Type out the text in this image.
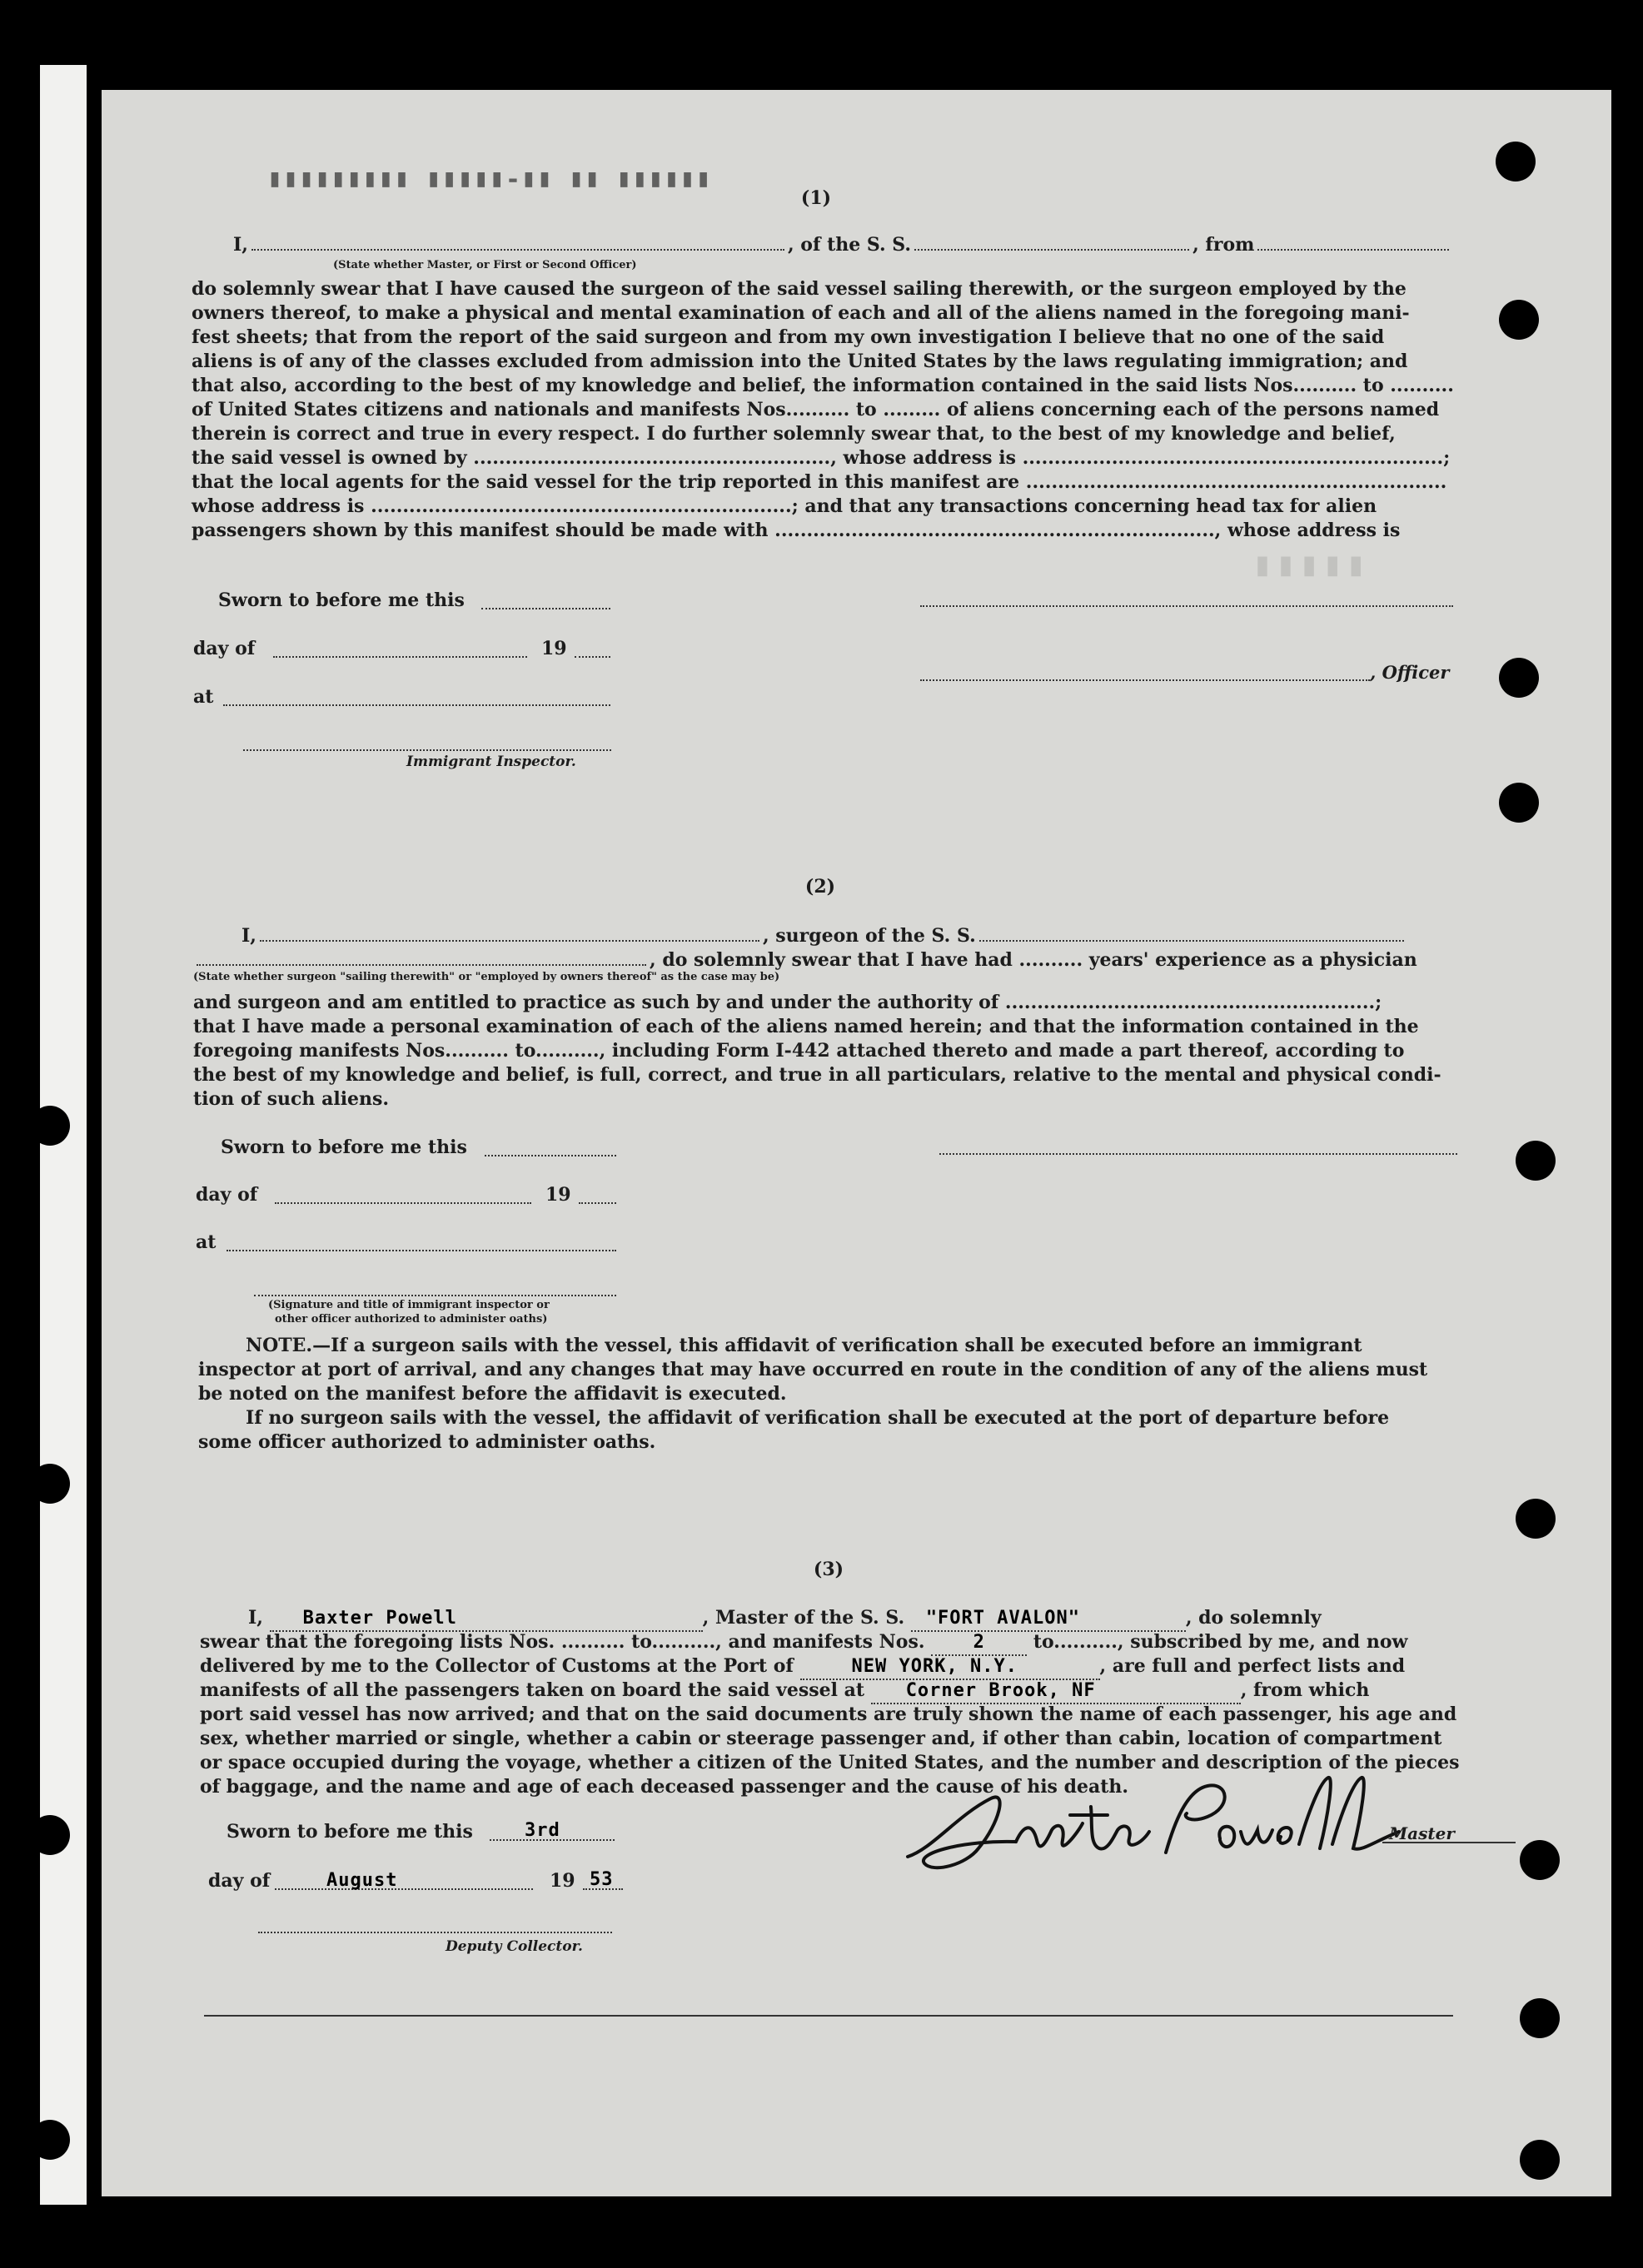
▮▮▮▮▮▮ ▮▮ ▮▮-▮▮▮▮▮ ▮▮▮▮▮▮▮▮▮
▮▮▮▮▮
(1)
I,	, of the S. S.	, from
(State whether Master, or First or Second Officer)
do solemnly swear that I have caused the surgeon of the said vessel sailing therewith, or the surgeon employed by the
owners thereof, to make a physical and mental examination of each and all of the aliens named in the foregoing mani-
fest sheets; that from the report of the said surgeon and from my own investigation I believe that no one of the said
aliens is of any of the classes excluded from admission into the United States by the laws regulating immigration; and
that also, according to the best of my knowledge and belief, the information contained in the said lists Nos.......... to ..........
of United States citizens and nationals and manifests Nos.......... to ......... of aliens concerning each of the persons named
therein is correct and true in every respect. I do further solemnly swear that, to the best of my knowledge and belief,
the said vessel is owned by ........................................................, whose address is ..................................................................;
that the local agents for the said vessel for the trip reported in this manifest are ..................................................................
whose address is ..................................................................; and that any transactions concerning head tax for alien
passengers shown by this manifest should be made with ....................................................................., whose address is
Sworn to before me this
day of	19
at
Immigrant Inspector.
, Officer
(2)
I,	, surgeon of the S. S.
, do solemnly swear that I have had .......... years' experience as a physician
(State whether surgeon "sailing therewith" or "employed by owners thereof" as the case may be)
and surgeon and am entitled to practice as such by and under the authority of ..........................................................;
that I have made a personal examination of each of the aliens named herein; and that the information contained in the
foregoing manifests Nos.......... to.........., including Form I-442 attached thereto and made a part thereof, according to
the best of my knowledge and belief, is full, correct, and true in all particulars, relative to the mental and physical condi-
tion of such aliens.
Sworn to before me this
day of	19
at
(Signature and title of immigrant inspector or
other officer authorized to administer oaths)
NOTE.—If a surgeon sails with the vessel, this affidavit of verification shall be executed before an immigrant
inspector at port of arrival, and any changes that may have occurred en route in the condition of any of the aliens must
be noted on the manifest before the affidavit is executed.
If no surgeon sails with the vessel, the affidavit of verification shall be executed at the port of departure before
some officer authorized to administer oaths.
(3)
I, Baxter Powell	, Master of the S. S. "FORT AVALON"	, do solemnly
swear that the foregoing lists Nos. .......... to.........., and manifests Nos.	2	to.........., subscribed by me, and now
delivered by me to the Collector of Customs at the Port of	NEW YORK, N.Y.	, are full and perfect lists and
manifests of all the passengers taken on board the said vessel at Corner Brook, NF	, from which
port said vessel has now arrived; and that on the said documents are truly shown the name of each passenger, his age and
sex, whether married or single, whether a cabin or steerage passenger and, if other than cabin, location of compartment
or space occupied during the voyage, whether a citizen of the United States, and the number and description of the pieces
of baggage, and the name and age of each deceased passenger and the cause of his death.
Sworn to before me this	3rd
day of	August	19 53
Deputy Collector.
Master
